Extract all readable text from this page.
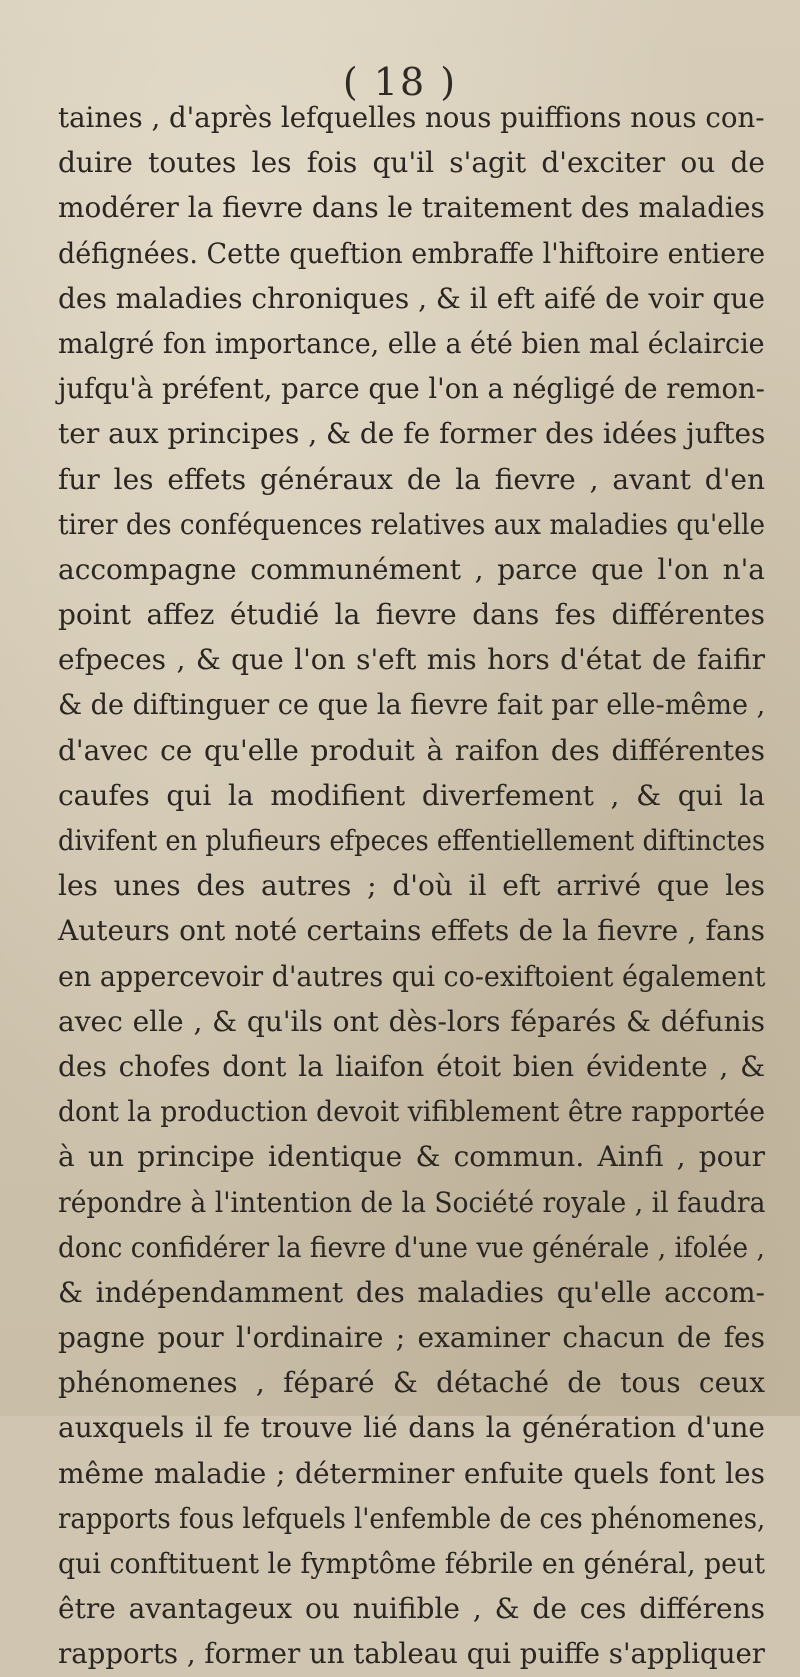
( 18 )
taines , d'après lefquelles nous puiffions nous con-
duire toutes les fois qu'il s'agit d'exciter ou de
modérer la fievre dans le traitement des maladies
défignées. Cette queftion embraffe l'hiftoire entiere
des maladies chroniques , & il eft aifé de voir que
malgré fon importance, elle a été bien mal éclaircie
jufqu'à préfent, parce que l'on a négligé de remon-
ter aux principes , & de fe former des idées juftes
fur les effets généraux de la fievre , avant d'en
tirer des conféquences relatives aux maladies qu'elle
accompagne communément , parce que l'on n'a
point affez étudié la fievre dans fes différentes
efpeces , & que l'on s'eft mis hors d'état de faifir
& de diftinguer ce que la fievre fait par elle-même ,
d'avec ce qu'elle produit à raifon des différentes
caufes qui la modifient diverfement , & qui la
divifent en plufieurs efpeces effentiellement diftinctes
les unes des autres ; d'où il eft arrivé que les
Auteurs ont noté certains effets de la fievre , fans
en appercevoir d'autres qui co-exiftoient également
avec elle , & qu'ils ont dès-lors féparés & défunis
des chofes dont la liaifon étoit bien évidente , &
dont la production devoit vifiblement être rapportée
à un principe identique & commun. Ainfi , pour
répondre à l'intention de la Société royale , il faudra
donc confidérer la fievre d'une vue générale , ifolée ,
& indépendamment des maladies qu'elle accom-
pagne pour l'ordinaire ; examiner chacun de fes
phénomenes , féparé & détaché de tous ceux
auxquels il fe trouve lié dans la génération d'une
même maladie ; déterminer enfuite quels font les
rapports fous lefquels l'enfemble de ces phénomenes,
qui conftituent le fymptôme fébrile en général, peut
être avantageux ou nuifible , & de ces différens
rapports , former un tableau qui puiffe s'appliquer
